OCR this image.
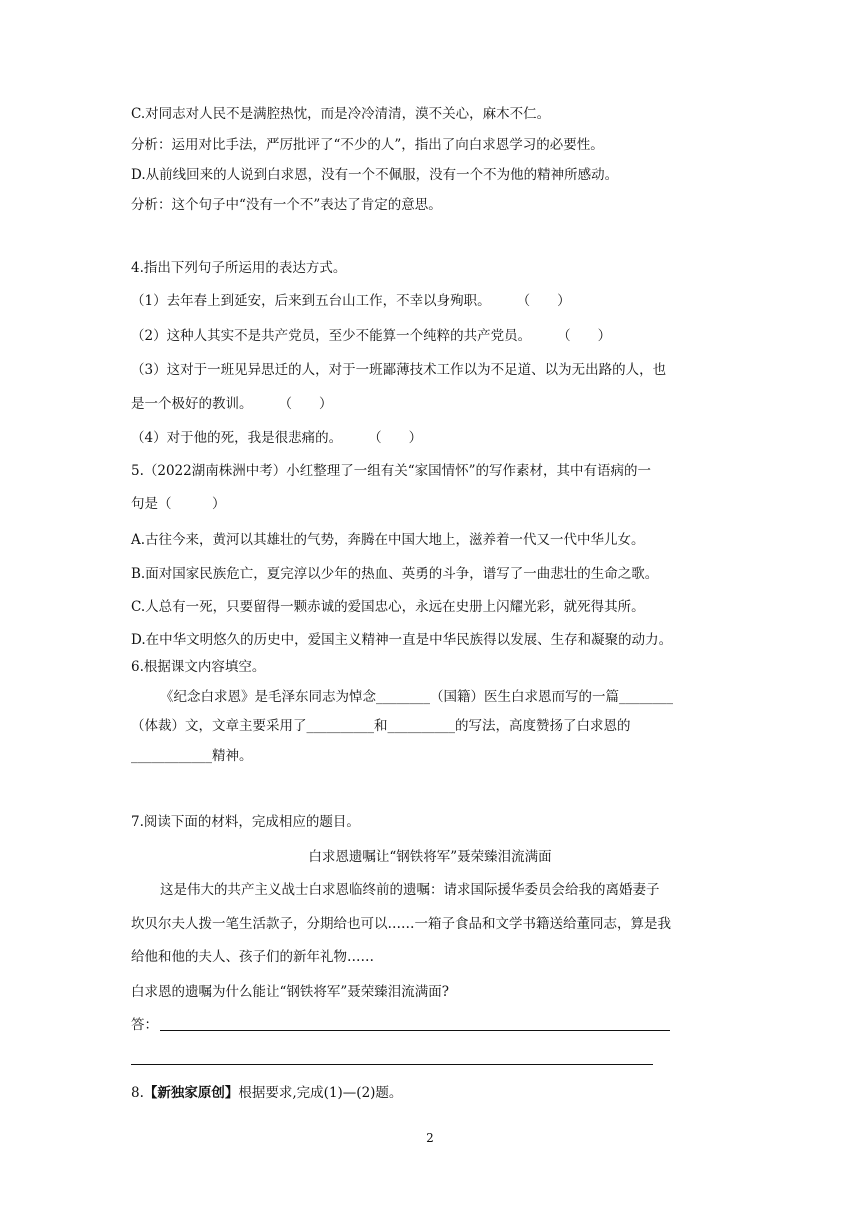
C.对同志对人民不是满腔热忱，而是冷冷清清，漠不关心，麻木不仁。
分析：运用对比手法，严厉批评了“不少的人”，指出了向白求恩学习的必要性。
D.从前线回来的人说到白求恩，没有一个不佩服，没有一个不为他的精神所感动。
分析：这个句子中“没有一个不”表达了肯定的意思。
4.指出下列句子所运用的表达方式。
（1）去年春上到延安，后来到五台山工作，不幸以身殉职。 （　　）
（2）这种人其实不是共产党员，至少不能算一个纯粹的共产党员。 （　　）
（3）这对于一班见异思迁的人，对于一班鄙薄技术工作以为不足道、以为无出路的人，也
是一个极好的教训。 （　　）
（4）对于他的死，我是很悲痛的。 （　　）
5.（2022湖南株洲中考）小红整理了一组有关“家国情怀”的写作素材，其中有语病的一
句是（　　　）
A.古往今来，黄河以其雄壮的气势，奔腾在中国大地上，滋养着一代又一代中华儿女。
B.面对国家民族危亡，夏完淳以少年的热血、英勇的斗争，谱写了一曲悲壮的生命之歌。
C.人总有一死，只要留得一颗赤诚的爱国忠心，永远在史册上闪耀光彩，就死得其所。
D.在中华文明悠久的历史中，爱国主义精神一直是中华民族得以发展、生存和凝聚的动力。
6.根据课文内容填空。
《纪念白求恩》是毛泽东同志为悼念________（国籍）医生白求恩而写的一篇________
（体裁）文，文章主要采用了__________和__________的写法，高度赞扬了白求恩的
____________精神。
7.阅读下面的材料，完成相应的题目。
白求恩遗嘱让“钢铁将军”聂荣臻泪流满面
这是伟大的共产主义战士白求恩临终前的遗嘱：请求国际援华委员会给我的离婚妻子
坎贝尔夫人拨一笔生活款子，分期给也可以……一箱子食品和文学书籍送给董同志，算是我
给他和他的夫人、孩子们的新年礼物……
白求恩的遗嘱为什么能让“钢铁将军”聂荣臻泪流满面?
答：
8.【新独家原创】根据要求,完成(1)—(2)题。
2
